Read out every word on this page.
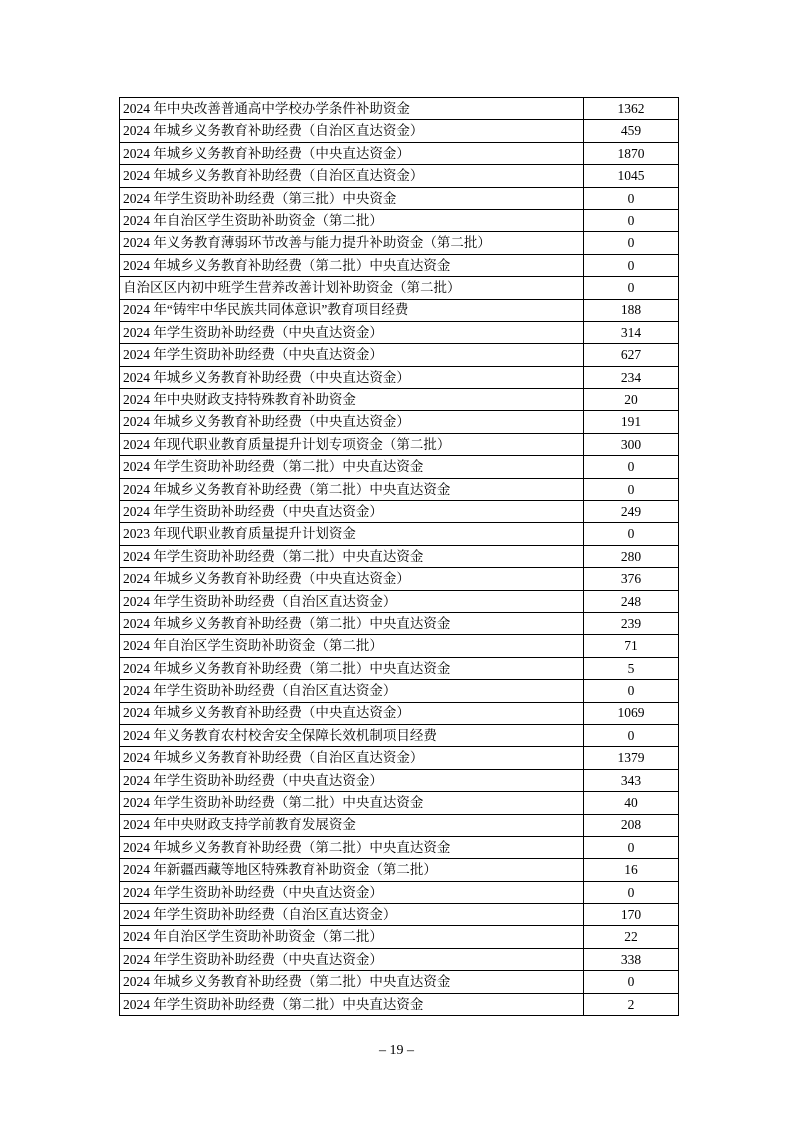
2024 年中央改善普通高中学校办学条件补助资金	1362
2024 年城乡义务教育补助经费（自治区直达资金）	459
2024 年城乡义务教育补助经费（中央直达资金）	1870
2024 年城乡义务教育补助经费（自治区直达资金）	1045
2024 年学生资助补助经费（第三批）中央资金	0
2024 年自治区学生资助补助资金（第二批）	0
2024 年义务教育薄弱环节改善与能力提升补助资金（第二批）	0
2024 年城乡义务教育补助经费（第二批）中央直达资金	0
自治区区内初中班学生营养改善计划补助资金（第二批）	0
2024 年“铸牢中华民族共同体意识”教育项目经费	188
2024 年学生资助补助经费（中央直达资金）	314
2024 年学生资助补助经费（中央直达资金）	627
2024 年城乡义务教育补助经费（中央直达资金）	234
2024 年中央财政支持特殊教育补助资金	20
2024 年城乡义务教育补助经费（中央直达资金）	191
2024 年现代职业教育质量提升计划专项资金（第二批）	300
2024 年学生资助补助经费（第二批）中央直达资金	0
2024 年城乡义务教育补助经费（第二批）中央直达资金	0
2024 年学生资助补助经费（中央直达资金）	249
2023 年现代职业教育质量提升计划资金	0
2024 年学生资助补助经费（第二批）中央直达资金	280
2024 年城乡义务教育补助经费（中央直达资金）	376
2024 年学生资助补助经费（自治区直达资金）	248
2024 年城乡义务教育补助经费（第二批）中央直达资金	239
2024 年自治区学生资助补助资金（第二批）	71
2024 年城乡义务教育补助经费（第二批）中央直达资金	5
2024 年学生资助补助经费（自治区直达资金）	0
2024 年城乡义务教育补助经费（中央直达资金）	1069
2024 年义务教育农村校舍安全保障长效机制项目经费	0
2024 年城乡义务教育补助经费（自治区直达资金）	1379
2024 年学生资助补助经费（中央直达资金）	343
2024 年学生资助补助经费（第二批）中央直达资金	40
2024 年中央财政支持学前教育发展资金	208
2024 年城乡义务教育补助经费（第二批）中央直达资金	0
2024 年新疆西藏等地区特殊教育补助资金（第二批）	16
2024 年学生资助补助经费（中央直达资金）	0
2024 年学生资助补助经费（自治区直达资金）	170
2024 年自治区学生资助补助资金（第二批）	22
2024 年学生资助补助经费（中央直达资金）	338
2024 年城乡义务教育补助经费（第二批）中央直达资金	0
2024 年学生资助补助经费（第二批）中央直达资金	2
– 19 –
